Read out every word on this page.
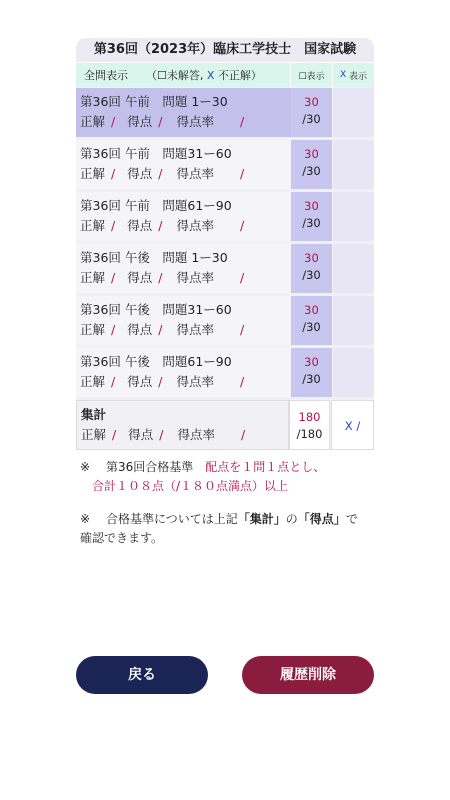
第36回（2023年）臨床工学技士　国家試験
全問表示 （☐未解答, X 不正解）	☐表示 X
表示
第36回 午前　問題 1ー30
正解 / 得点 / 得点率 /
30
/30
第36回 午前　問題31ー60
正解 / 得点 / 得点率 /
30
/30
第36回 午前　問題61ー90
正解 / 得点 / 得点率 /
30
/30
第36回 午後　問題 1ー30
正解 / 得点 / 得点率 /
30
/30
第36回 午後　問題31ー60
正解 / 得点 / 得点率 /
30
/30
第36回 午後　問題61ー90
正解 / 得点 / 得点率 /
30
/30
集計
正解 / 得点 / 得点率 /
180
/180
X /
※ 第36回合格基準　 配点を１問１点とし、
合計１０８点（/１８０点満点）以上
※ 合格基準については上記「集計」の「得点」で
確認できます。
戻る	履歴削除
